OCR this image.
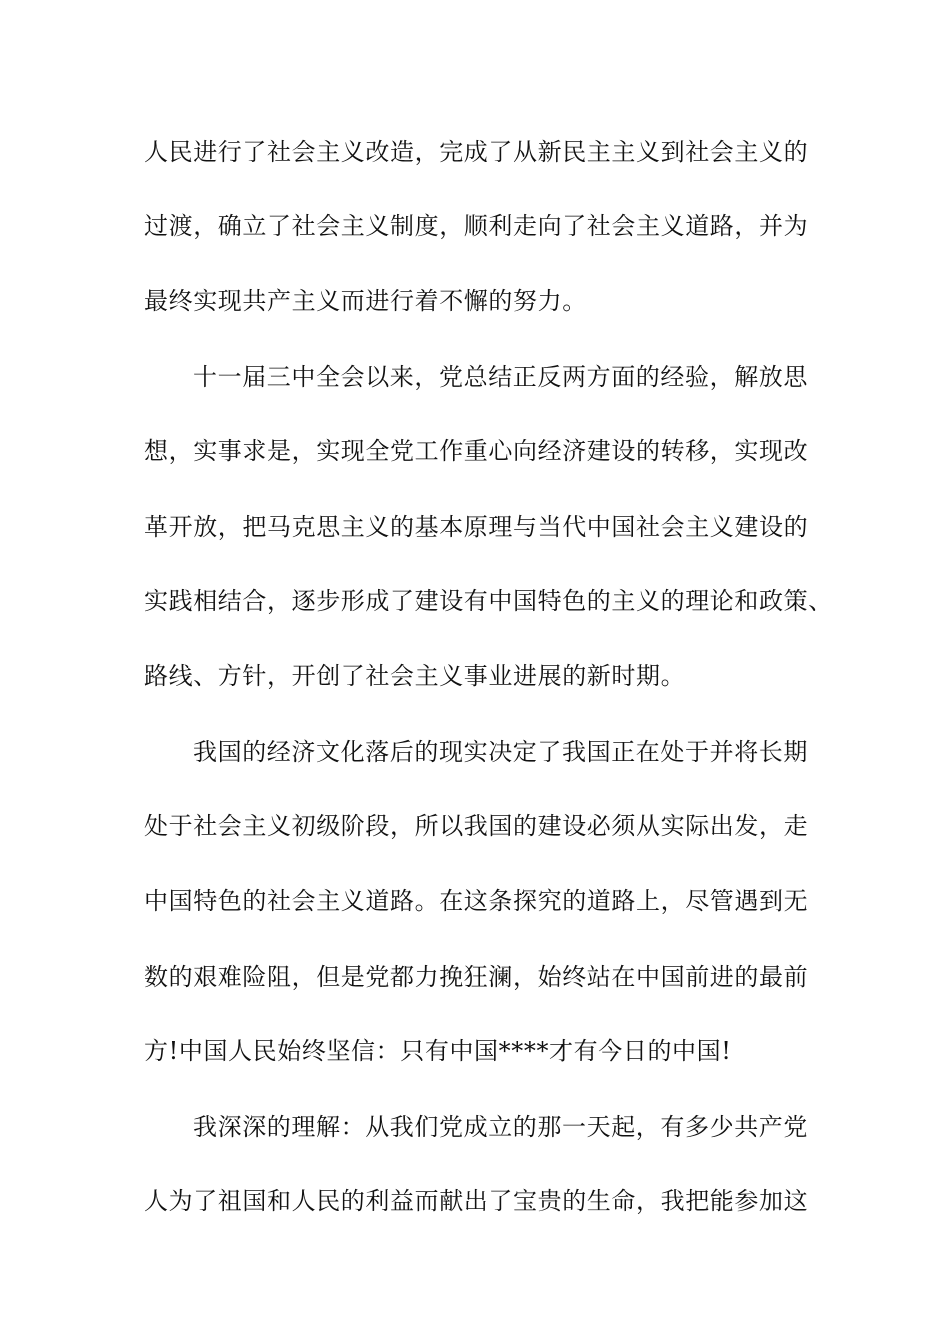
人民进行了社会主义改造，完成了从新民主主义到社会主义的
过渡，确立了社会主义制度，顺利走向了社会主义道路，并为
最终实现共产主义而进行着不懈的努力。
十一届三中全会以来，党总结正反两方面的经验，解放思
想，实事求是，实现全党工作重心向经济建设的转移，实现改
革开放，把马克思主义的基本原理与当代中国社会主义建设的
实践相结合，逐步形成了建设有中国特色的主义的理论和政策、
路线、方针，开创了社会主义事业进展的新时期。
我国的经济文化落后的现实决定了我国正在处于并将长期
处于社会主义初级阶段，所以我国的建设必须从实际出发，走
中国特色的社会主义道路。在这条探究的道路上，尽管遇到无
数的艰难险阻，但是党都力挽狂澜，始终站在中国前进的最前
方!中国人民始终坚信：只有中国****才有今日的中国!
我深深的理解：从我们党成立的那一天起，有多少共产党
人为了祖国和人民的利益而献出了宝贵的生命，我把能参加这
